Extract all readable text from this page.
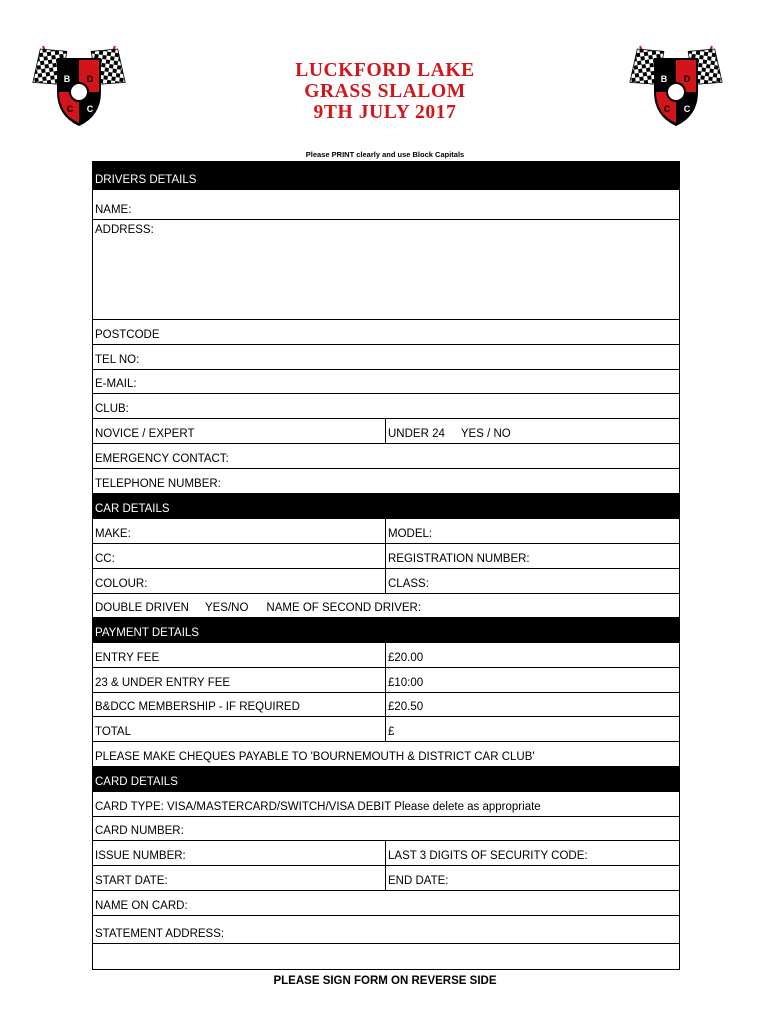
B D
C C
B D
C C
LUCKFORD LAKE
GRASS SLALOM
9TH JULY 2017
Please PRINT clearly and use Block Capitals
DRIVERS DETAILS
NAME:
ADDRESS:
POSTCODE
TEL NO:
E-MAIL:
CLUB:
NOVICE / EXPERT	UNDER 24 YES / NO
EMERGENCY CONTACT:
TELEPHONE NUMBER:
CAR DETAILS
MAKE:	MODEL:
CC:	REGISTRATION NUMBER:
COLOUR:	CLASS:
DOUBLE DRIVEN YES/NO NAME OF SECOND DRIVER:
PAYMENT DETAILS
ENTRY FEE	£20.00
23 & UNDER ENTRY FEE	£10:00
B&DCC MEMBERSHIP - IF REQUIRED	£20.50
TOTAL	£
PLEASE MAKE CHEQUES PAYABLE TO 'BOURNEMOUTH & DISTRICT CAR CLUB'
CARD DETAILS
CARD TYPE: VISA/MASTERCARD/SWITCH/VISA DEBIT Please delete as appropriate
CARD NUMBER:
ISSUE NUMBER:	LAST 3 DIGITS OF SECURITY CODE:
START DATE:	END DATE:
NAME ON CARD:
STATEMENT ADDRESS:
PLEASE SIGN FORM ON REVERSE SIDE
